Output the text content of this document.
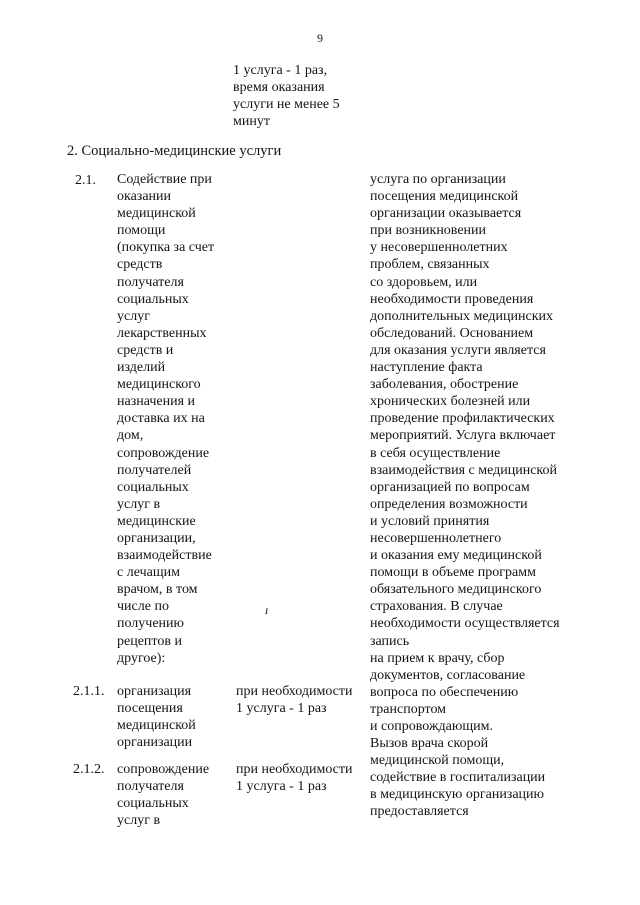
9
1 услуга - 1 раз,
время оказания
услуги не менее 5
минут
2. Социально-медицинские услуги
2.1. Содействие при
оказании
медицинской
помощи
(покупка за счет
средств
получателя
социальных
услуг
лекарственных
средств и
изделий
медицинского
назначения и
доставка их на
дом,
сопровождение
получателей
социальных
услуг в
медицинские
организации,
взаимодействие
с лечащим
врачом, в том
числе по
получению
рецептов и
другое):
ɪ
услуга по организации
посещения медицинской
организации оказывается
при возникновении
у несовершеннолетних
проблем, связанных
со здоровьем, или
необходимости проведения
дополнительных медицинских
обследований. Основанием
для оказания услуги является
наступление факта
заболевания, обострение
хронических болезней или
проведение профилактических
мероприятий. Услуга включает
в себя осуществление
взаимодействия с медицинской
организацией по вопросам
определения возможности
и условий принятия
несовершеннолетнего
и оказания ему медицинской
помощи в объеме программ
обязательного медицинского
страхования. В случае
необходимости осуществляется
запись
на прием к врачу, сбор
документов, согласование
вопроса по обеспечению
транспортом
и сопровождающим.
Вызов врача скорой
медицинской помощи,
содействие в госпитализации
в медицинскую организацию
предоставляется
2.1.1. организация
посещения
медицинской
организации
при необходимости
1 услуга - 1 раз
2.1.2. сопровождение
получателя
социальных
услуг в
при необходимости
1 услуга - 1 раз
